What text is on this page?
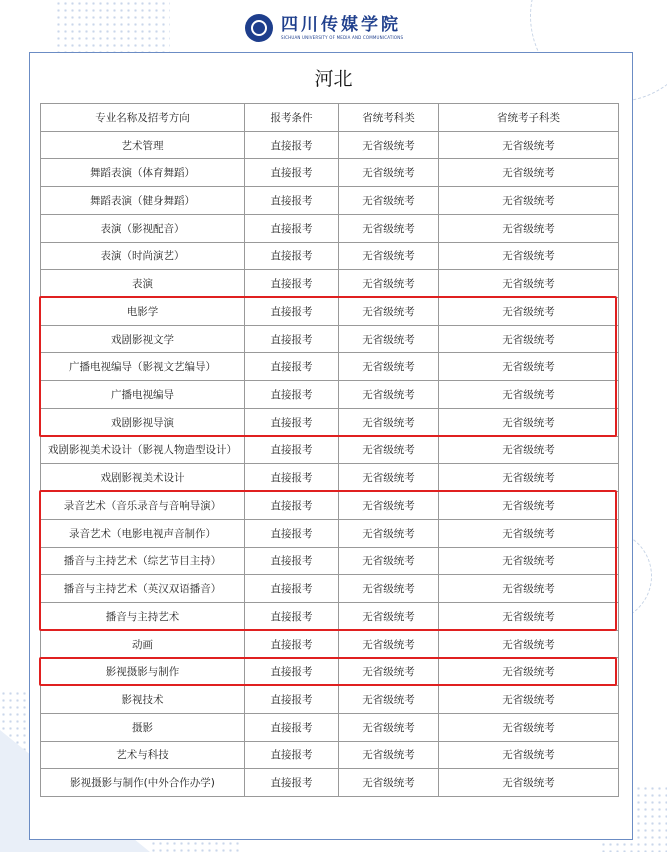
四川传媒学院
SICHUAN UNIVERSITY OF MEDIA AND COMMUNICATIONS
河北
专业名称及招考方向	报考条件	省统考科类	省统考子科类
艺术管理	直接报考	无省级统考	无省级统考
舞蹈表演（体育舞蹈）	直接报考	无省级统考	无省级统考
舞蹈表演（健身舞蹈）	直接报考	无省级统考	无省级统考
表演（影视配音）	直接报考	无省级统考	无省级统考
表演（时尚演艺）	直接报考	无省级统考	无省级统考
表演	直接报考	无省级统考	无省级统考
电影学	直接报考	无省级统考	无省级统考
戏剧影视文学	直接报考	无省级统考	无省级统考
广播电视编导（影视文艺编导）	直接报考	无省级统考	无省级统考
广播电视编导	直接报考	无省级统考	无省级统考
戏剧影视导演	直接报考	无省级统考	无省级统考
戏剧影视美术设计（影视人物造型设计）	直接报考	无省级统考	无省级统考
戏剧影视美术设计	直接报考	无省级统考	无省级统考
录音艺术（音乐录音与音响导演）	直接报考	无省级统考	无省级统考
录音艺术（电影电视声音制作）	直接报考	无省级统考	无省级统考
播音与主持艺术（综艺节目主持）	直接报考	无省级统考	无省级统考
播音与主持艺术（英汉双语播音）	直接报考	无省级统考	无省级统考
播音与主持艺术	直接报考	无省级统考	无省级统考
动画	直接报考	无省级统考	无省级统考
影视摄影与制作	直接报考	无省级统考	无省级统考
影视技术	直接报考	无省级统考	无省级统考
摄影	直接报考	无省级统考	无省级统考
艺术与科技	直接报考	无省级统考	无省级统考
影视摄影与制作(中外合作办学)	直接报考	无省级统考	无省级统考
